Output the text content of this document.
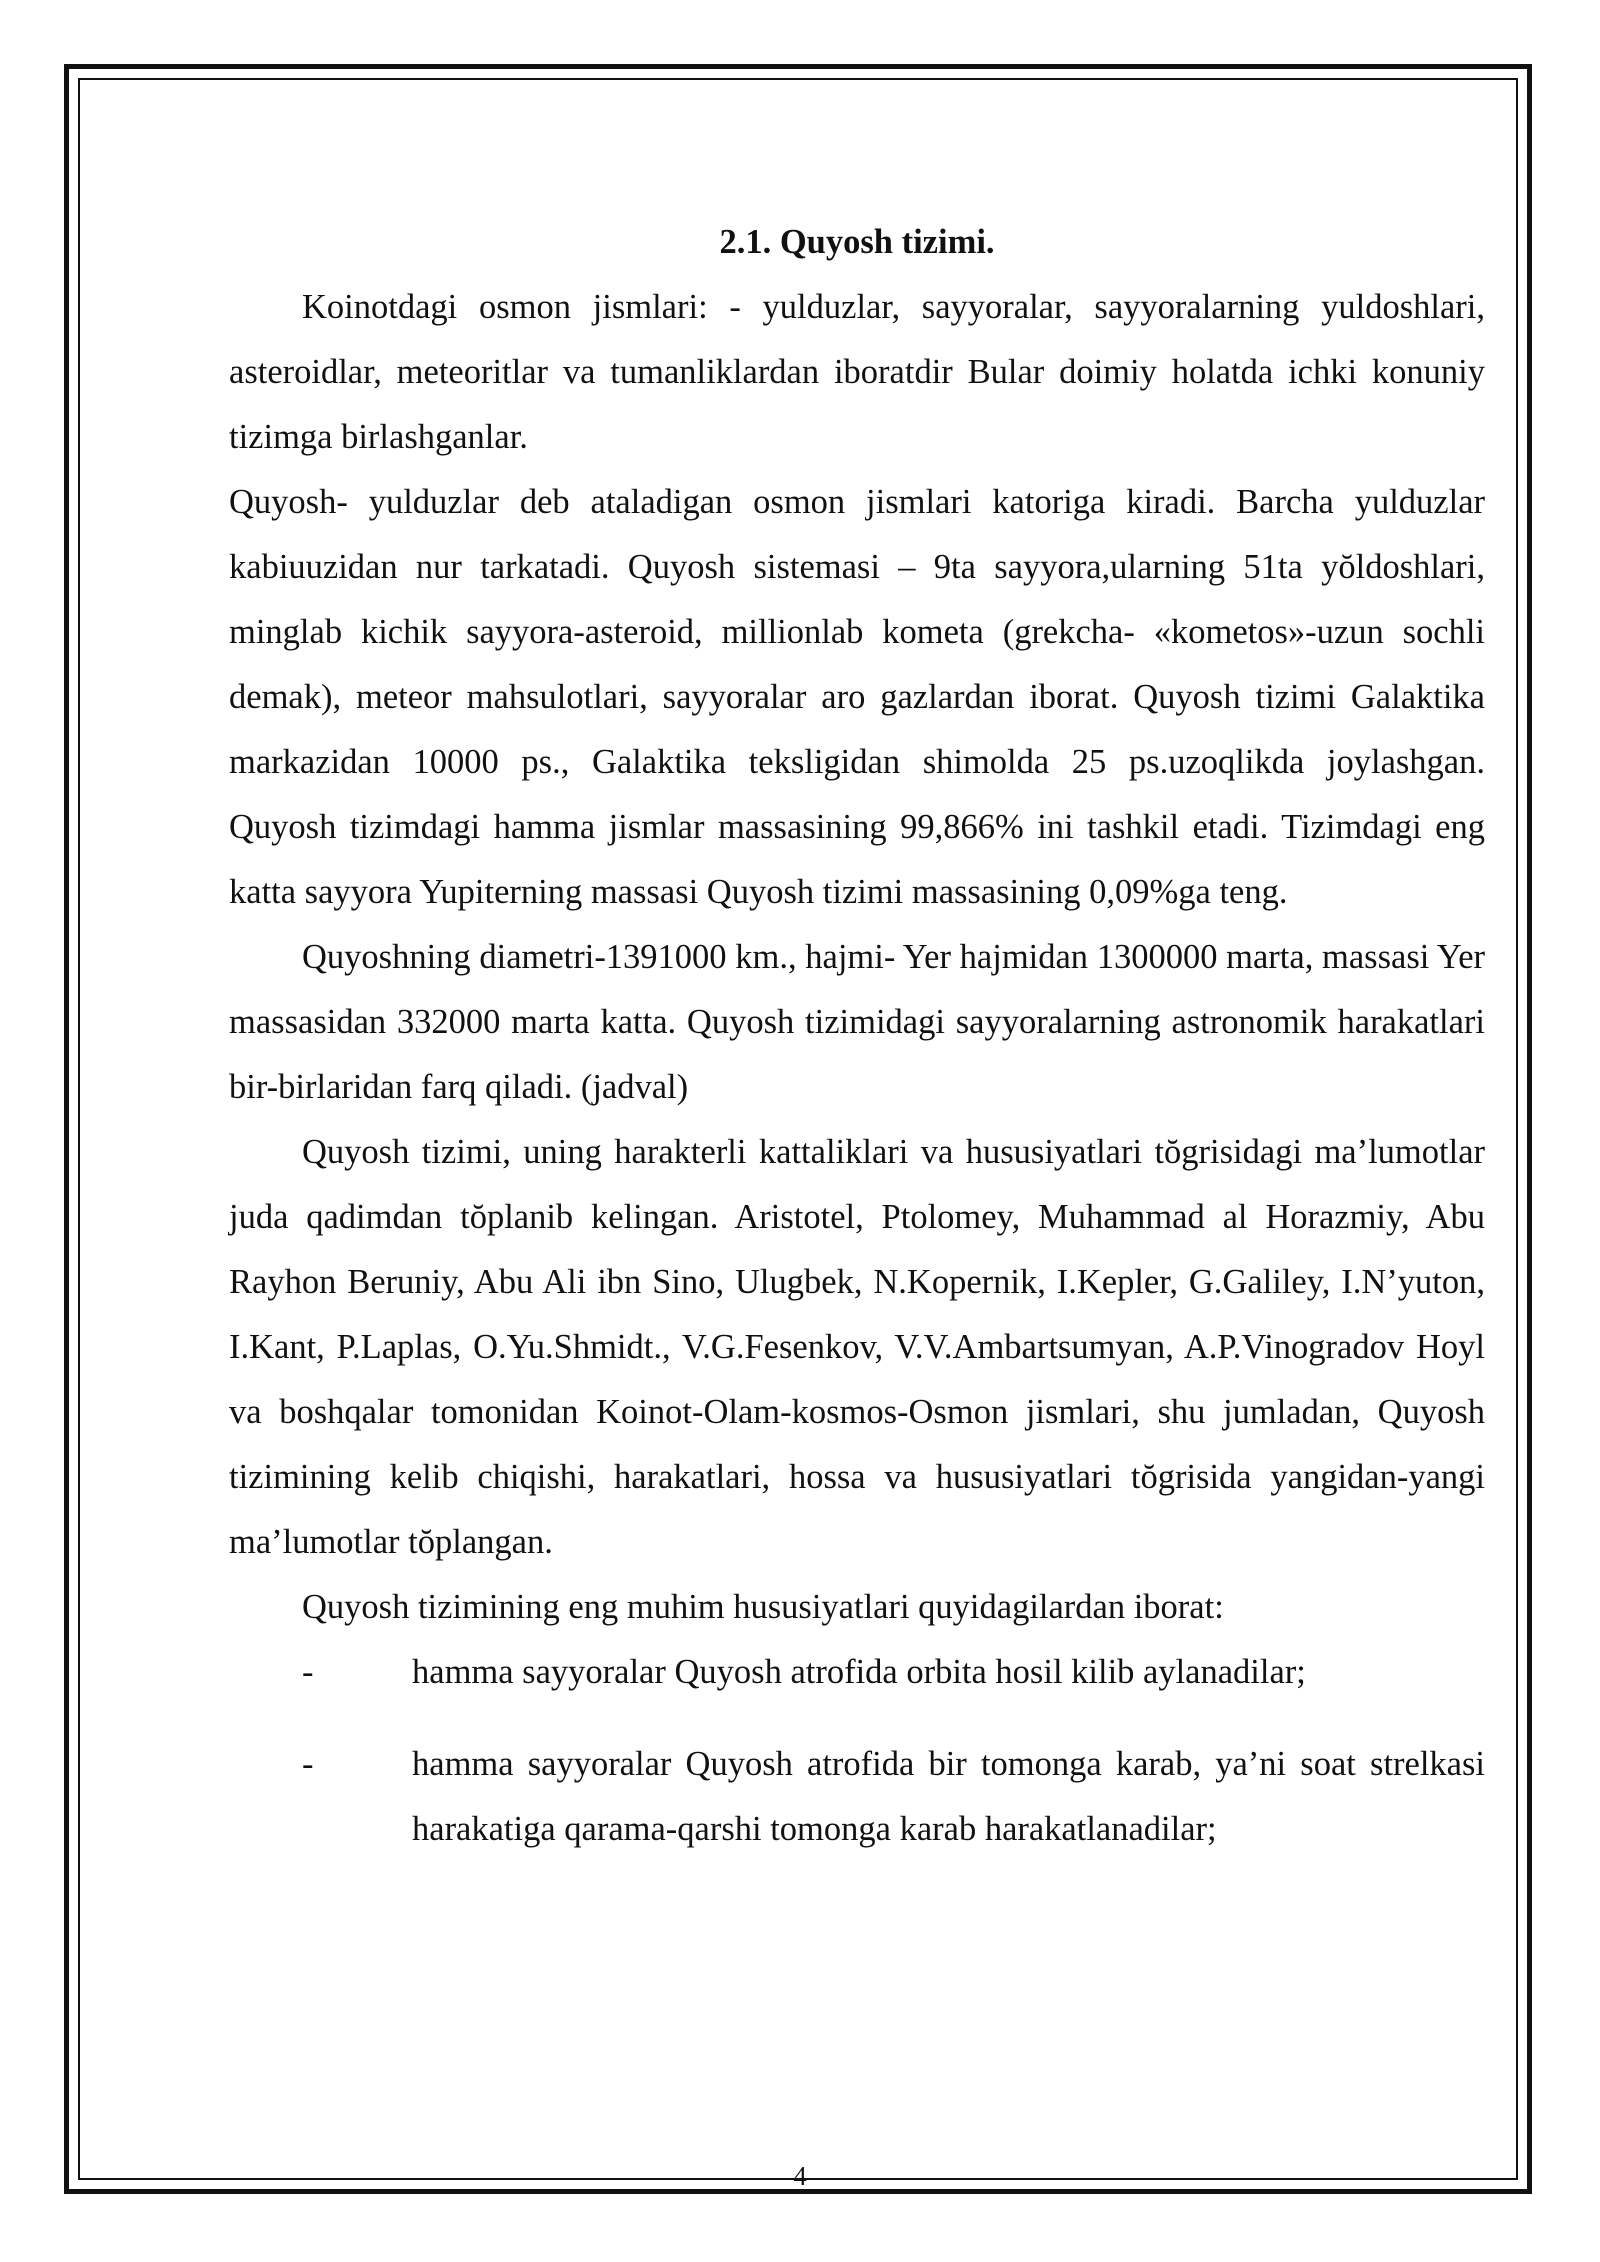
2.1. Quyosh tizimi.

Koinotdagi osmon jismlari: - yulduzlar, sayyoralar, sayyoralarning yuldoshlari, asteroidlar, meteoritlar va tumanliklardan iboratdir Bular doimiy holatda ichki konuniy tizimga birlashganlar.

Quyosh- yulduzlar deb ataladigan osmon jismlari katoriga kiradi. Barcha yulduzlar kabiuuzidan nur tarkatadi. Quyosh sistemasi – 9ta sayyora,ularning 51ta yŏldoshlari, minglab kichik sayyora-asteroid, millionlab kometa (grekcha- «kometos»-uzun sochli demak), meteor mahsulotlari, sayyoralar aro gazlardan iborat. Quyosh tizimi Galaktika markazidan 10000 ps., Galaktika teksligidan shimolda 25 ps.uzoqlikda joylashgan. Quyosh tizimdagi hamma jismlar massasining 99,866% ini tashkil etadi. Tizimdagi eng katta sayyora Yupiterning massasi Quyosh tizimi massasining 0,09%ga teng.

Quyoshning diametri-1391000 km., hajmi- Yer hajmidan 1300000 marta, massasi Yer massasidan 332000 marta katta. Quyosh tizimidagi sayyoralarning astronomik harakatlari bir-birlaridan farq qiladi. (jadval)

Quyosh tizimi, uning harakterli kattaliklari va hususiyatlari tŏgrisidagi ma’lumotlar juda qadimdan tŏplanib kelingan. Aristotel, Ptolomey, Muhammad al Horazmiy, Abu Rayhon Beruniy, Abu Ali ibn Sino, Ulugbek, N.Kopernik, I.Kepler, G.Galiley, I.N’yuton, I.Kant, P.Laplas, O.Yu.Shmidt., V.G.Fesenkov, V.V.Ambartsumyan, A.P.Vinogradov Hoyl va boshqalar tomonidan Koinot-Olam-kosmos-Osmon jismlari, shu jumladan, Quyosh tizimining kelib chiqishi, harakatlari, hossa va hususiyatlari tŏgrisida yangidan-yangi ma’lumotlar tŏplangan.

Quyosh tizimining eng muhim hususiyatlari quyidagilardan iborat:

-	hamma sayyoralar Quyosh atrofida orbita hosil kilib aylanadilar;

-	hamma sayyoralar Quyosh atrofida bir tomonga karab, ya’ni soat strelkasi harakatiga qarama-qarshi tomonga karab harakatlanadilar;

4
